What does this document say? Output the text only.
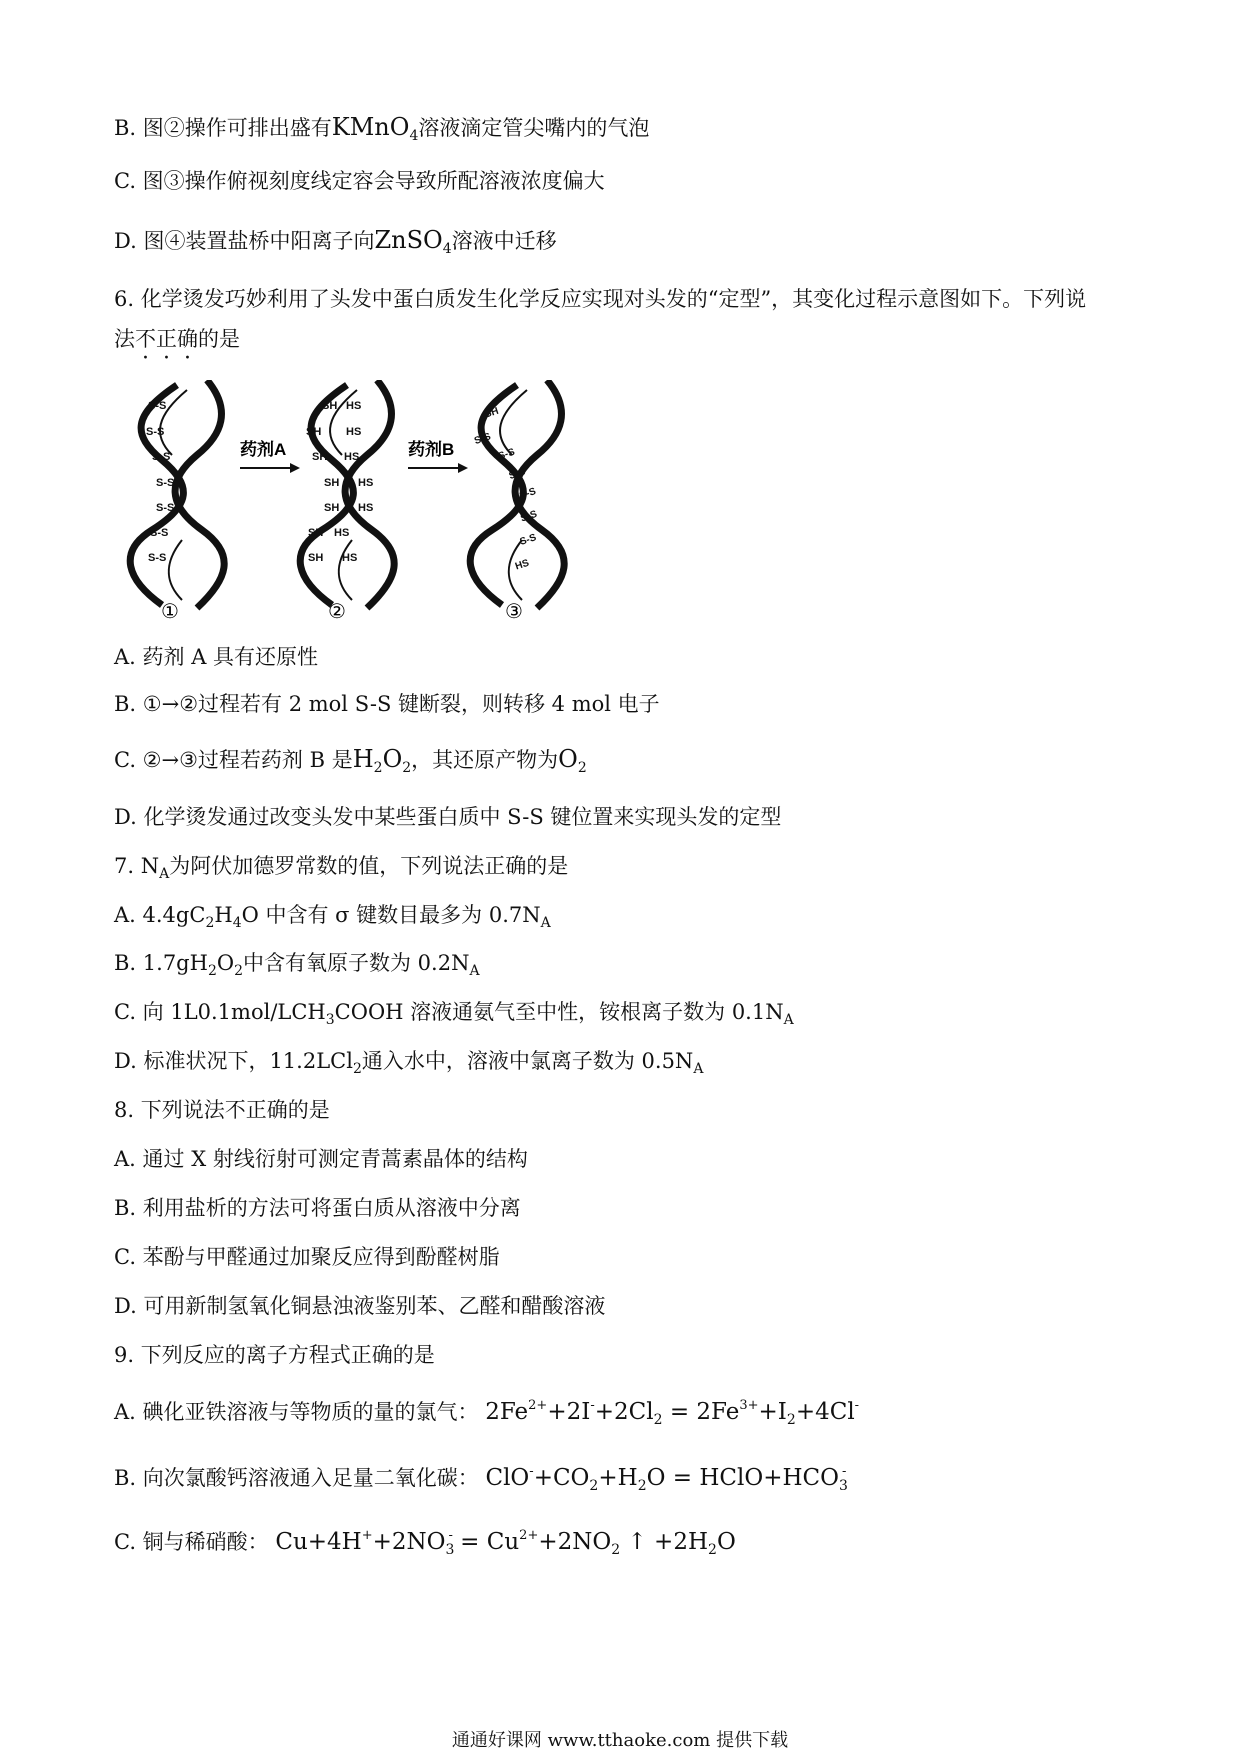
B. 图②操作可排出盛有KMnO$_4$溶液滴定管尖嘴内的气泡
C. 图③操作俯视刻度线定容会导致所配溶液浓度偏大
D. 图④装置盐桥中阳离子向ZnSO$_4$溶液中迁移
6. 化学烫发巧妙利用了头发中蛋白质发生化学反应实现对头发的“定型”，其变化过程示意图如下。下列说
法不正确的是
S-S
S-S
S-S
S-S
S-S
S-S
S-S
药剂A
SH HS
SH HS
SH HS
SH HS
SH HS
SH HS
SH HS
药剂B
SH
S-S
S-S
S-S
S-S
S-S
S-S
HS
①	②	③
A. 药剂 A 具有还原性
B. ①→②过程若有 2 mol S-S 键断裂，则转移 4 mol 电子
C. ②→③过程若药剂 B 是$H_2O_2$，其还原产物为$O_2$
D. 化学烫发通过改变头发中某些蛋白质中 S-S 键位置来实现头发的定型
7. $N_A$为阿伏加德罗常数的值，下列说法正确的是
A. $4.4gC_2H_4O$ 中含有 σ 键数目最多为 $0.7N_A$
B. $1.7gH_2O_2$中含有氧原子数为 $0.2N_A$
C. 向 $1L0.1mol/LCH_3COOH$ 溶液通氨气至中性，铵根离子数为 $0.1N_A$
D. 标准状况下，11.2LCl$_2$通入水中，溶液中氯离子数为 $0.5N_A$
8. 下列说法不正确的是
A. 通过 X 射线衍射可测定青蒿素晶体的结构
B. 利用盐析的方法可将蛋白质从溶液中分离
C. 苯酚与甲醛通过加聚反应得到酚醛树脂
D. 可用新制氢氧化铜悬浊液鉴别苯、乙醛和醋酸溶液
9. 下列反应的离子方程式正确的是
A. 碘化亚铁溶液与等物质的量的氯气： $2Fe^{2+}+2I^-+2Cl_2 = 2Fe^{3+}+I_2+4Cl^-$
B. 向次氯酸钙溶液通入足量二氧化碳： $ClO^-+CO_2+H_2O$ = $HClO+HCO_3^-$
C. 铜与稀硝酸： $Cu+4H^++2NO_3^- = Cu^{2+}+2NO_2$ ↑ $+2H_2O$
通通好课网 www.tthaoke.com 提供下载
